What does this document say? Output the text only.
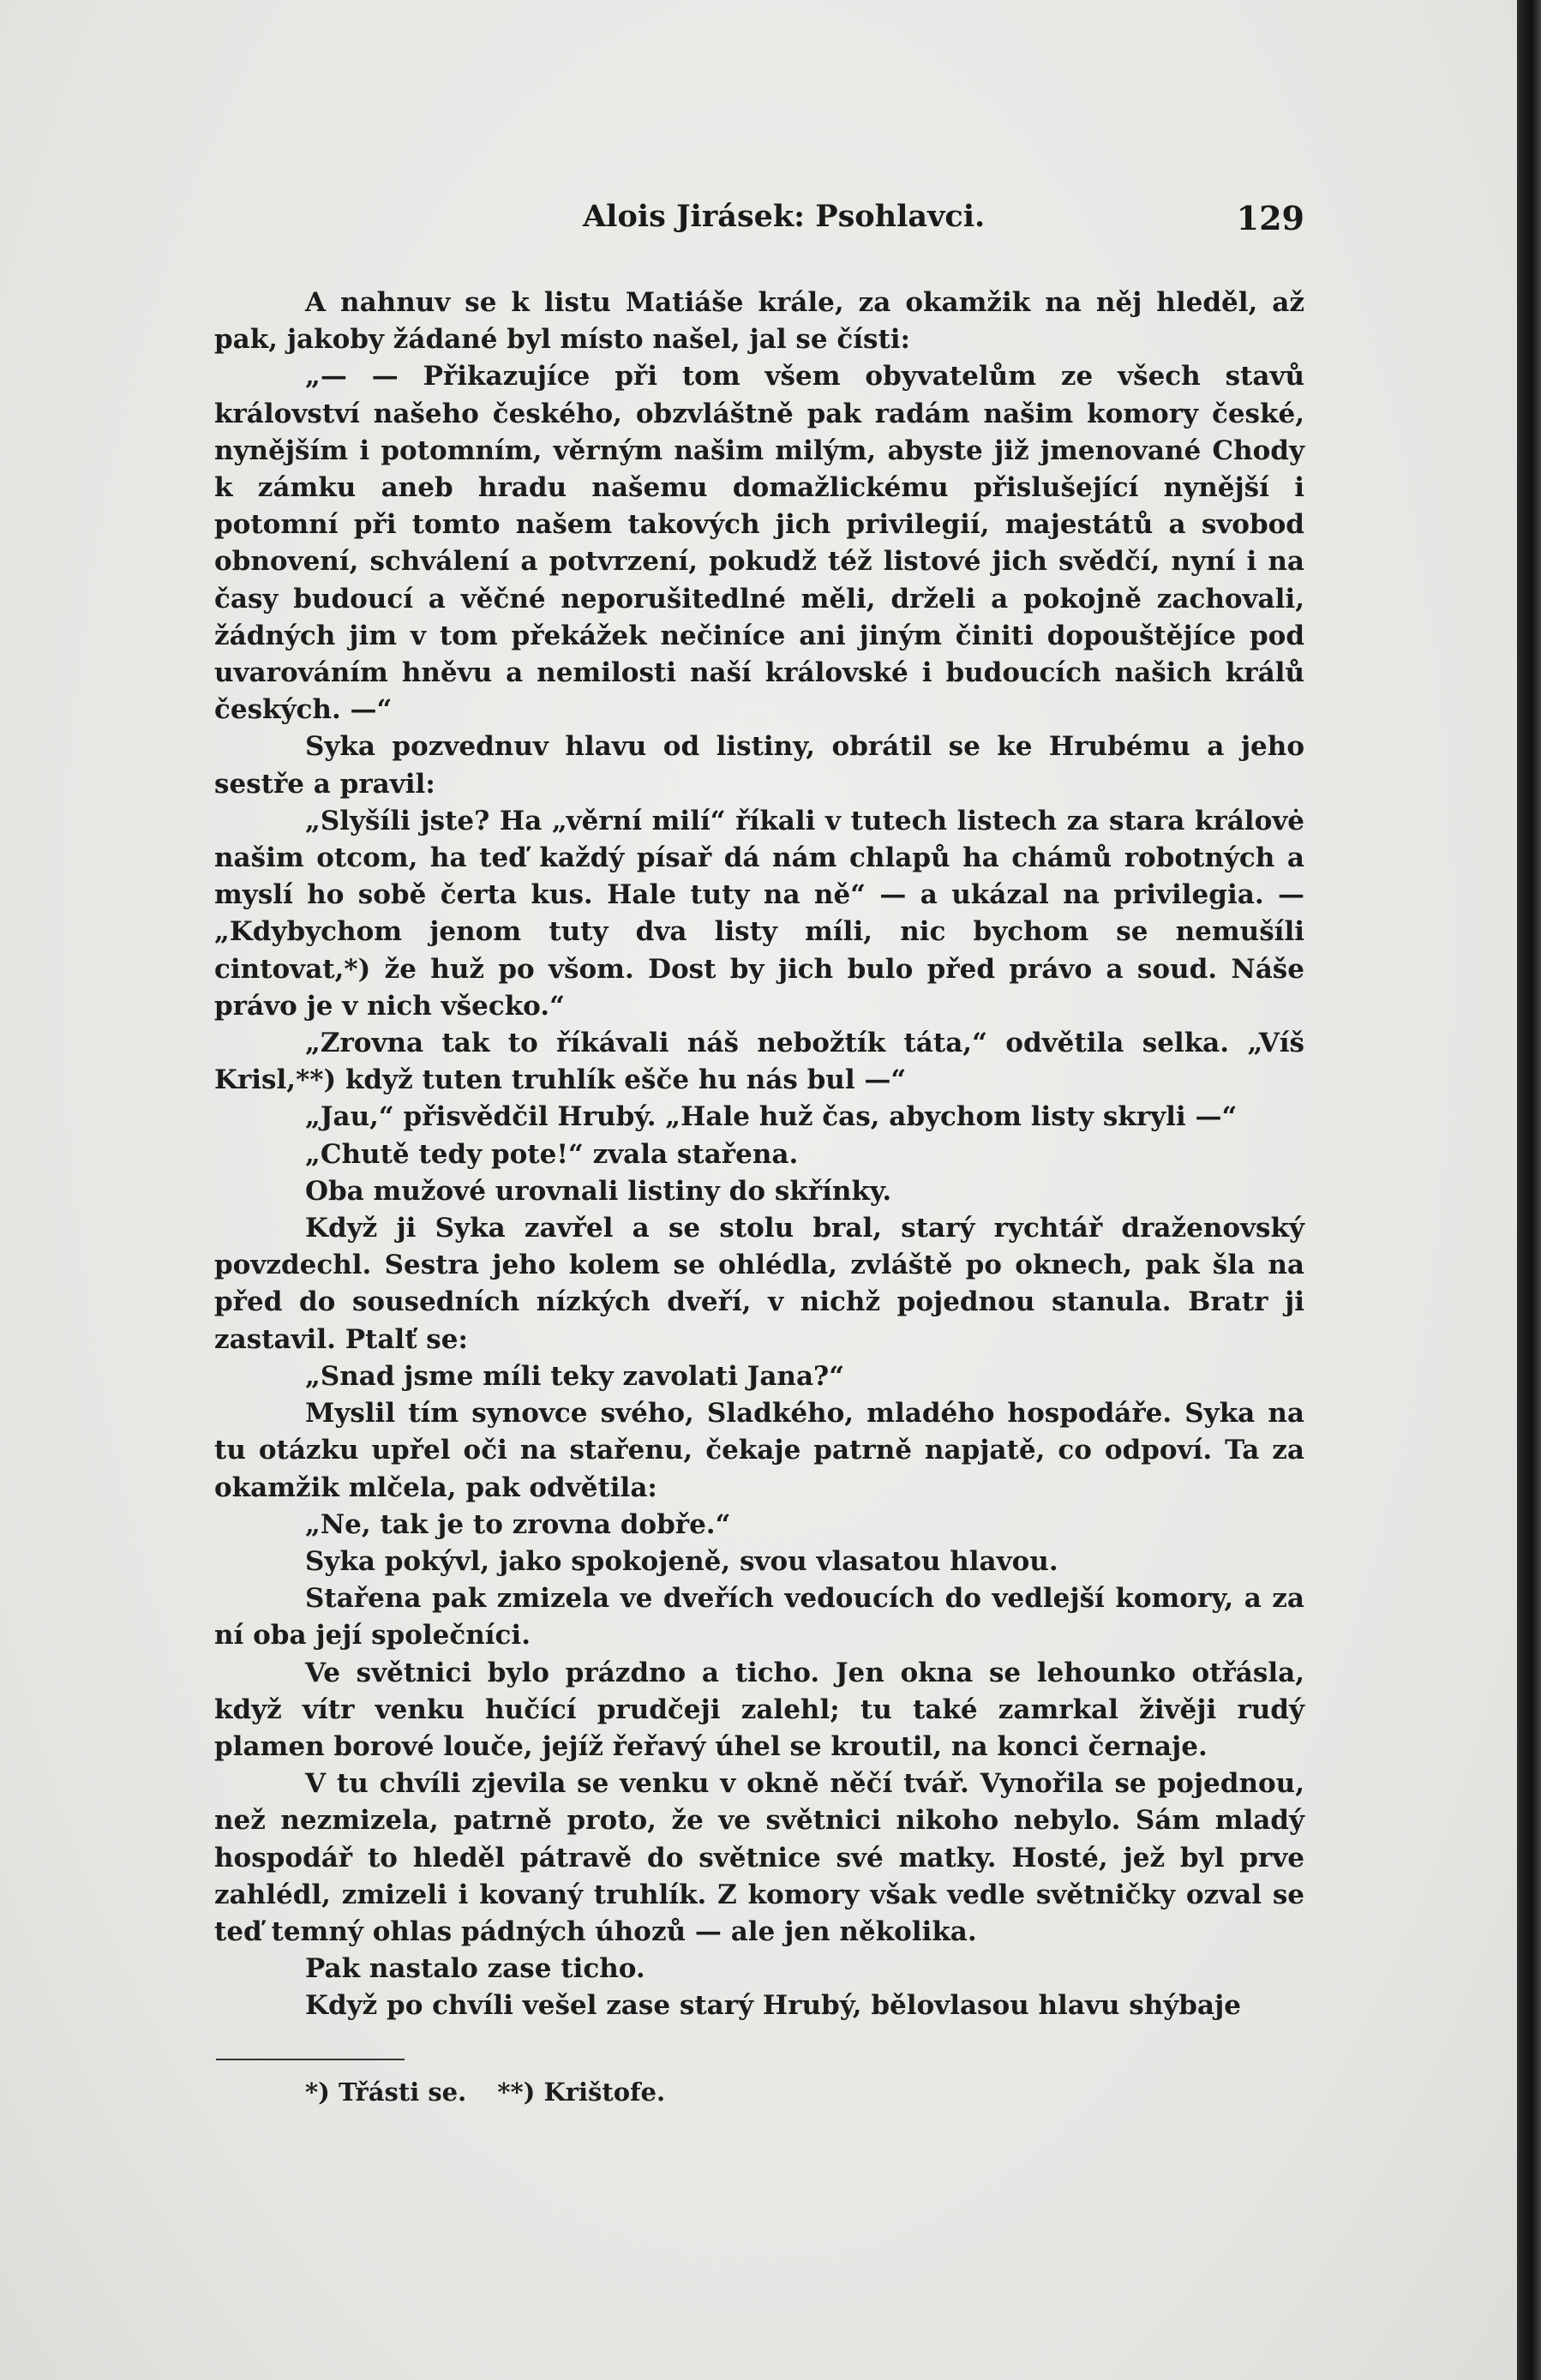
Alois Jirásek: Psohlavci.	129

A nahnuv se k listu Matiáše krále, za okamžik na něj hleděl, až pak, jakoby žádané byl místo našel, jal se čísti:

„— — Přikazujíce při tom všem obyvatelům ze všech stavů království našeho českého, obzvláštně pak radám našim komory české, nynějším i potomním, věrným našim milým, abyste již jmenované Chody k zámku aneb hradu našemu domažlickému přislušející nynější i potomní při tomto našem takových jich privilegií, majestátů a svobod obnovení, schválení a potvrzení, pokudž též listové jich svědčí, nyní i na časy budoucí a věčné neporušitedlné měli, drželi a pokojně zachovali, žádných jim v tom překážek nečiníce ani jiným činiti dopouštějíce pod uvarováním hněvu a nemilosti naší královské i budoucích našich králů českých. —“

Syka pozvednuv hlavu od listiny, obrátil se ke Hrubému a jeho sestře a pravil:

„Slyšíli jste? Ha „věrní milí“ říkali v tutech listech za stara královė našim otcom, ha teď každý písař dá nám chlapů ha chámů robotných a myslí ho sobě čerta kus. Hale tuty na ně“ — a ukázal na privilegia. — „Kdybychom jenom tuty dva listy míli, nic bychom se nemušíli cintovat,*) že huž po všom. Dost by jich bulo před právo a soud. Náše právo je v nich všecko.“

„Zrovna tak to říkávali náš nebožtík táta,“ odvětila selka. „Víš Krisl,**) když tuten truhlík ešče hu nás bul —“

„Jau,“ přisvědčil Hrubý. „Hale huž čas, abychom listy skryli —“

„Chutě tedy pote!“ zvala stařena.

Oba mužové urovnali listiny do skřínky.

Když ji Syka zavřel a se stolu bral, starý rychtář draženovský povzdechl. Sestra jeho kolem se ohlédla, zvláště po oknech, pak šla na před do sousedních nízkých dveří, v nichž pojednou stanula. Bratr ji zastavil. Ptalť se:

„Snad jsme míli teky zavolati Jana?“

Myslil tím synovce svého, Sladkého, mladého hospodáře. Syka na tu otázku upřel oči na stařenu, čekaje patrně napjatě, co odpoví. Ta za okamžik mlčela, pak odvětila:

„Ne, tak je to zrovna dobře.“

Syka pokývl, jako spokojeně, svou vlasatou hlavou.

Stařena pak zmizela ve dveřích vedoucích do vedlejší komory, a za ní oba její společníci.

Ve světnici bylo prázdno a ticho. Jen okna se lehounko otřásla, když vítr venku hučící prudčeji zalehl; tu také zamrkal živěji rudý plamen borové louče, jejíž řeřavý úhel se kroutil, na konci černaje.

V tu chvíli zjevila se venku v okně něčí tvář. Vynořila se pojednou, než nezmizela, patrně proto, že ve světnici nikoho nebylo. Sám mladý hospodář to hleděl pátravě do světnice své matky. Hosté, jež byl prve zahlédl, zmizeli i kovaný truhlík. Z komory však vedle světničky ozval se teď temný ohlas pádných úhozů — ale jen několika.

Pak nastalo zase ticho.

Když po chvíli vešel zase starý Hrubý, bělovlasou hlavu shýbaje

*) Třásti se. **) Krištofe.
